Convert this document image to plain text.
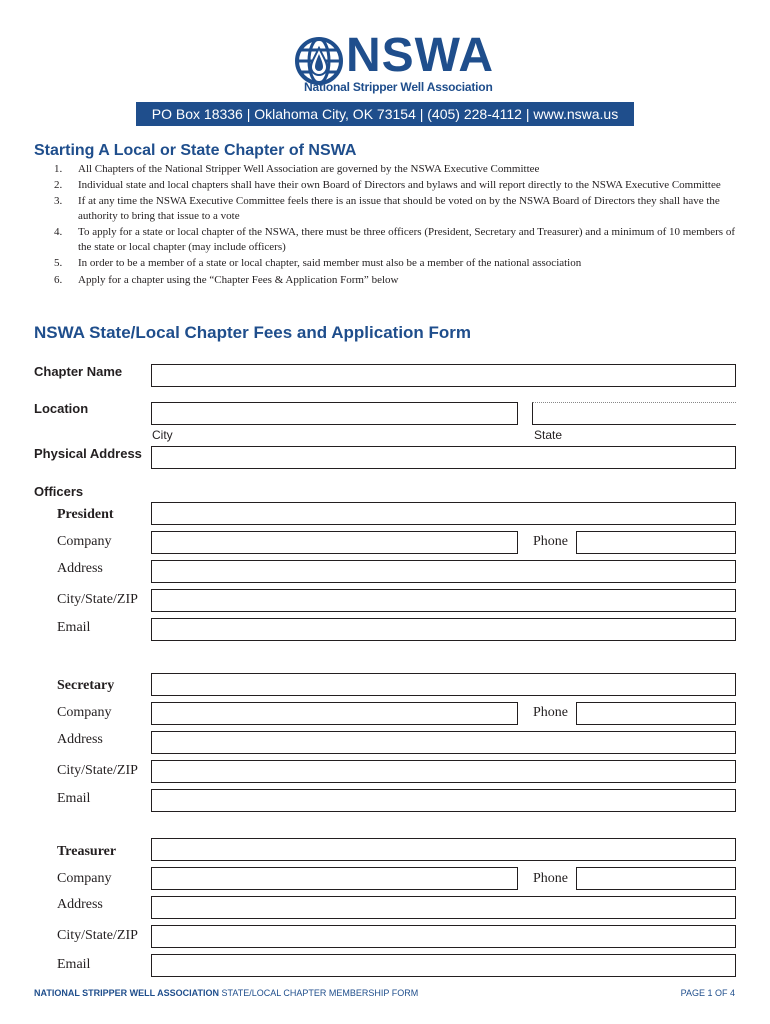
NSWA
National Stripper Well Association
PO Box 18336 | Oklahoma City, OK 73154 | (405) 228-4112 | www.nswa.us
Starting A Local or State Chapter of NSWA
1. All Chapters of the National Stripper Well Association are governed by the NSWA Executive Committee
2. Individual state and local chapters shall have their own Board of Directors and bylaws and will report directly to the NSWA Executive Committee
3. If at any time the NSWA Executive Committee feels there is an issue that should be voted on by the NSWA Board of Directors they shall have the authority to bring that issue to a vote
4. To apply for a state or local chapter of the NSWA, there must be three officers (President, Secretary and Treasurer) and a minimum of 10 members of the state or local chapter (may include officers)
5. In order to be a member of a state or local chapter, said member must also be a member of the national association
6. Apply for a chapter using the “Chapter Fees & Application Form” below
NSWA State/Local Chapter Fees and Application Form
Chapter Name
Location
City	State
Physical Address
Officers
President
Company	Phone
Address
City/State/ZIP
Email
Secretary
Company	Phone
Address
City/State/ZIP
Email
Treasurer
Company	Phone
Address
City/State/ZIP
Email
NATIONAL STRIPPER WELL ASSOCIATION STATE/LOCAL CHAPTER MEMBERSHIP FORM	PAGE 1 OF 4
